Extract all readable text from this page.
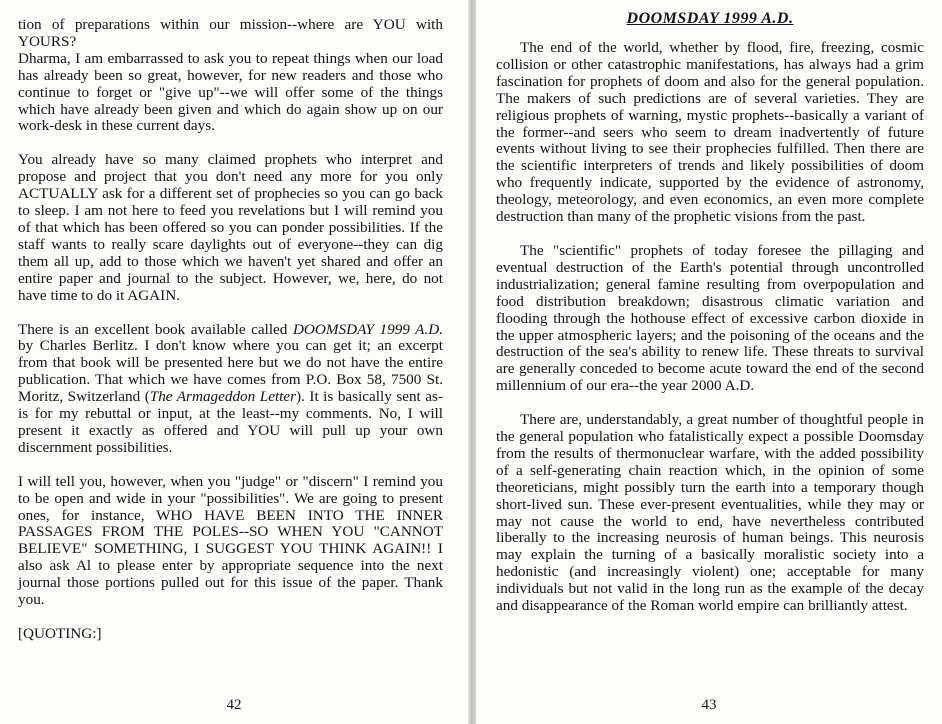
tion of preparations within our mission--where are YOU with YOURS?
Dharma, I am embarrassed to ask you to repeat things when our load has already been so great, however, for new readers and those who continue to forget or "give up"--we will offer some of the things which have already been given and which do again show up on our work-desk in these current days.

You already have so many claimed prophets who interpret and propose and project that you don't need any more for you only ACTUALLY ask for a different set of prophecies so you can go back to sleep. I am not here to feed you revelations but I will remind you of that which has been offered so you can ponder possibilities. If the staff wants to really scare daylights out of everyone--they can dig them all up, add to those which we haven't yet shared and offer an entire paper and journal to the subject. However, we, here, do not have time to do it AGAIN.

There is an excellent book available called DOOMSDAY 1999 A.D. by Charles Berlitz. I don't know where you can get it; an excerpt from that book will be presented here but we do not have the entire publication. That which we have comes from P.O. Box 58, 7500 St. Moritz, Switzerland (The Armageddon Letter). It is basically sent as-is for my rebuttal or input, at the least--my comments. No, I will present it exactly as offered and YOU will pull up your own discernment possibilities.

I will tell you, however, when you "judge" or "discern" I remind you to be open and wide in your "possibilities". We are going to present ones, for instance, WHO HAVE BEEN INTO THE INNER PASSAGES FROM THE POLES--SO WHEN YOU "CANNOT BELIEVE" SOMETHING, I SUGGEST YOU THINK AGAIN!! I also ask Al to please enter by appropriate sequence into the next journal those portions pulled out for this issue of the paper. Thank you.

[QUOTING:]

42
DOOMSDAY 1999 A.D.

The end of the world, whether by flood, fire, freezing, cosmic collision or other catastrophic manifestations, has always had a grim fascination for prophets of doom and also for the general population. The makers of such predictions are of several varieties. They are religious prophets of warning, mystic prophets--basically a variant of the former--and seers who seem to dream inadvertently of future events without living to see their prophecies fulfilled. Then there are the scientific interpreters of trends and likely possibilities of doom who frequently indicate, supported by the evidence of astronomy, theology, meteorology, and even economics, an even more complete destruction than many of the prophetic visions from the past.

The "scientific" prophets of today foresee the pillaging and eventual destruction of the Earth's potential through uncontrolled industrialization; general famine resulting from overpopulation and food distribution breakdown; disastrous climatic variation and flooding through the hothouse effect of excessive carbon dioxide in the upper atmospheric layers; and the poisoning of the oceans and the destruction of the sea's ability to renew life. These threats to survival are generally conceded to become acute toward the end of the second millennium of our era--the year 2000 A.D.

There are, understandably, a great number of thoughtful people in the general population who fatalistically expect a possible Doomsday from the results of thermonuclear warfare, with the added possibility of a self-generating chain reaction which, in the opinion of some theoreticians, might possibly turn the earth into a temporary though short-lived sun. These ever-present eventualities, while they may or may not cause the world to end, have nevertheless contributed liberally to the increasing neurosis of human beings. This neurosis may explain the turning of a basically moralistic society into a hedonistic (and increasingly violent) one; acceptable for many individuals but not valid in the long run as the example of the decay and disappearance of the Roman world empire can brilliantly attest.

43
